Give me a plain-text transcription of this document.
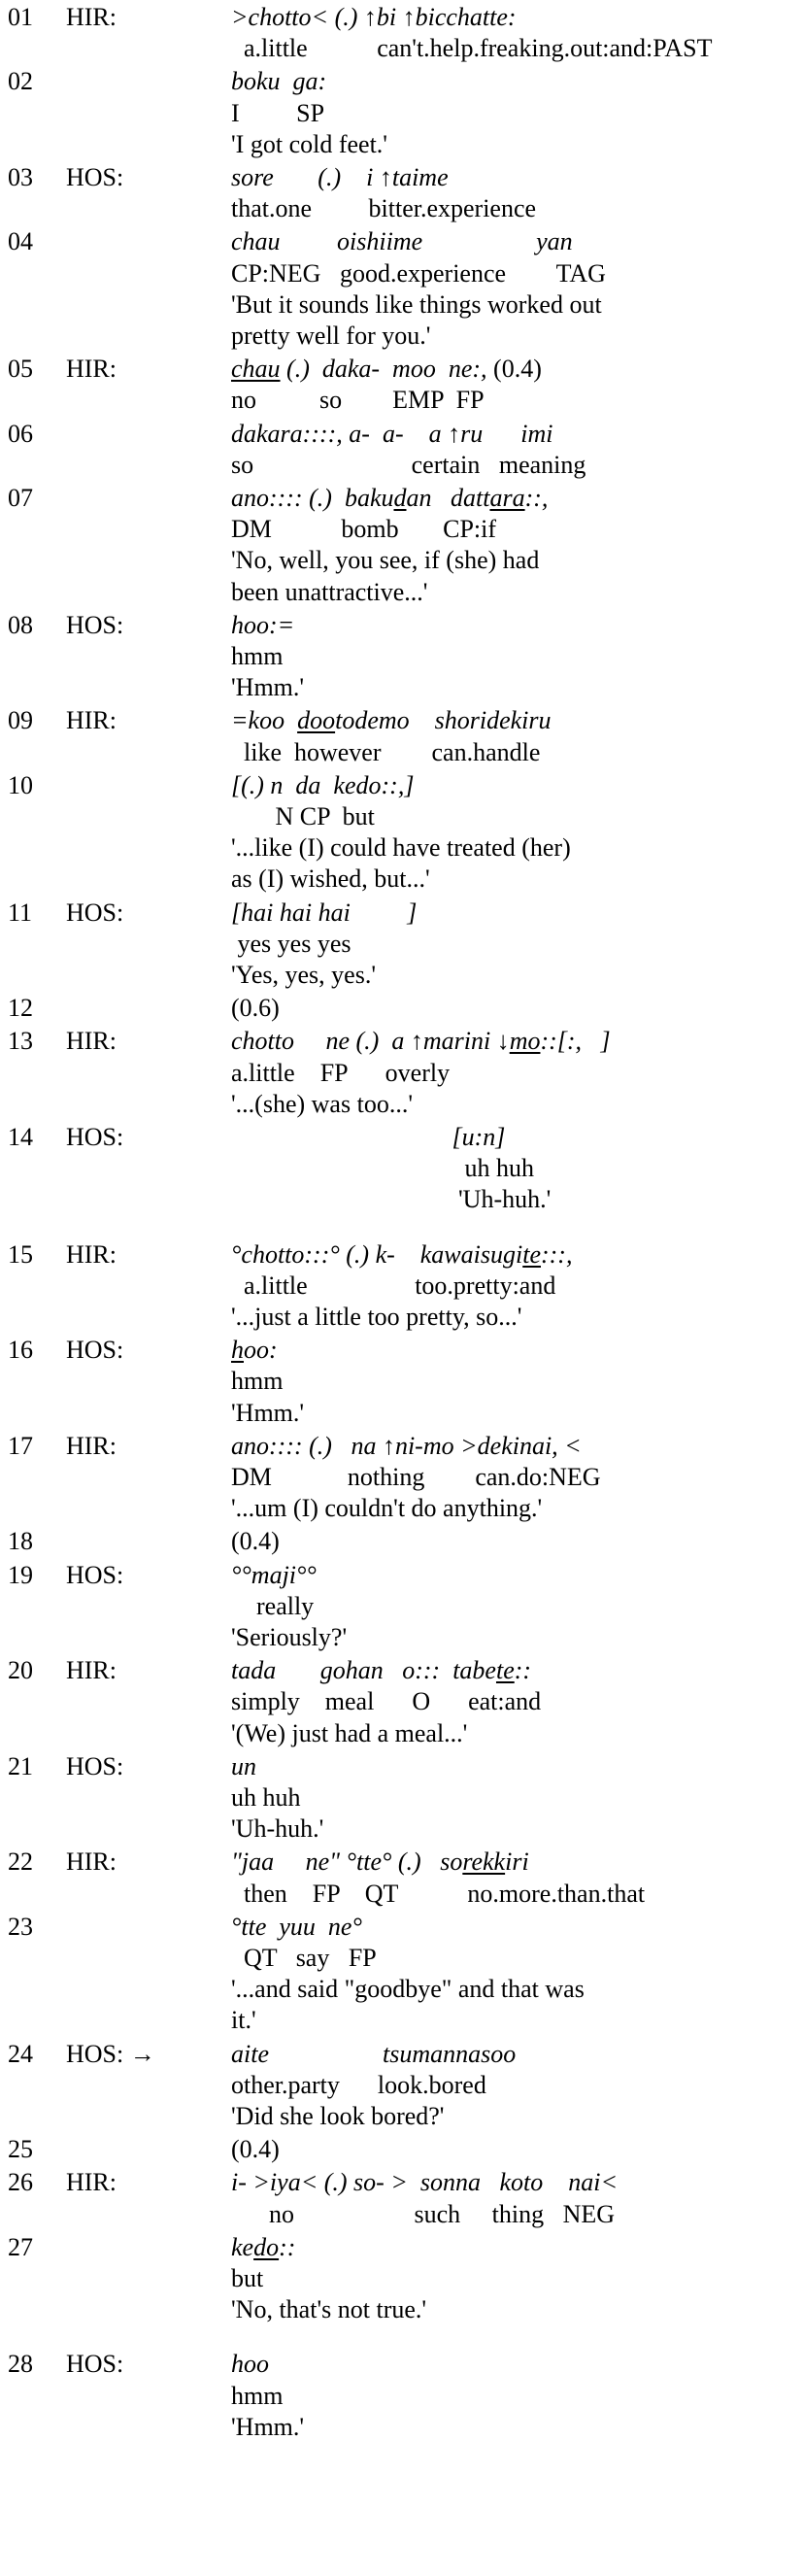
01 HIR:	>chotto< (.) ↑bi ↑bicchatte:
a.little           can't.help.freaking.out:and:PAST
02	boku  ga:
I         SP
'I got cold feet.'
03 HOS:	sore       (.)    i ↑taime
that.one         bitter.experience
04	chau         oishiime                  yan
CP:NEG   good.experience        TAG
'But it sounds like things worked out
pretty well for you.'
05 HIR:	chau (.)  daka-  moo  ne:, (0.4)
no          so        EMP  FP
06	dakara::::, a-  a-    a ↑ru      imi
so                         certain   meaning
07	ano:::: (.)  bakudan   dattara::,
DM           bomb       CP:if
'No, well, you see, if (she) had
been unattractive...'
08 HOS:	hoo:=
hmm
'Hmm.'
09 HIR:	=koo  dootodemo    shoridekiru
like  however        can.handle
10	[(.) n  da  kedo::,]
N CP  but
'...like (I) could have treated (her)
as (I) wished, but...'
11 HOS:	[hai hai hai         ]
yes yes yes
'Yes, yes, yes.'
12	(0.6)
13 HIR:	chotto     ne (.)  a ↑marini ↓mo::[:,   ]
a.little    FP      overly
'...(she) was too...'
14 HOS:	[u:n]
uh huh
'Uh-huh.'
15 HIR:	°chotto:::° (.) k-    kawaisugite:::,
a.little                 too.pretty:and
'...just a little too pretty, so...'
16 HOS:	hoo:
hmm
'Hmm.'
17 HIR:	ano:::: (.)   na ↑ni-mo >dekinai, <
DM            nothing        can.do:NEG
'...um (I) couldn't do anything.'
18	(0.4)
19 HOS:	°°maji°°
really
'Seriously?'
20 HIR:	tada       gohan   o:::  tabete::
simply    meal      O      eat:and
'(We) just had a meal...'
21 HOS:	un
uh huh
'Uh-huh.'
22 HIR:	"jaa     ne" °tte° (.)   sorekkiri
then    FP    QT           no.more.than.that
23	°tte  yuu  ne°
QT   say   FP
'...and said "goodbye" and that was
it.'
24 HOS: →	aite                  tsumannasoo
other.party      look.bored
'Did she look bored?'
25	(0.4)
26 HIR:	i- >iya< (.) so- >  sonna   koto    nai<
no                   such     thing   NEG
27	kedo::
but
'No, that's not true.'
28 HOS:	hoo
hmm
'Hmm.'
